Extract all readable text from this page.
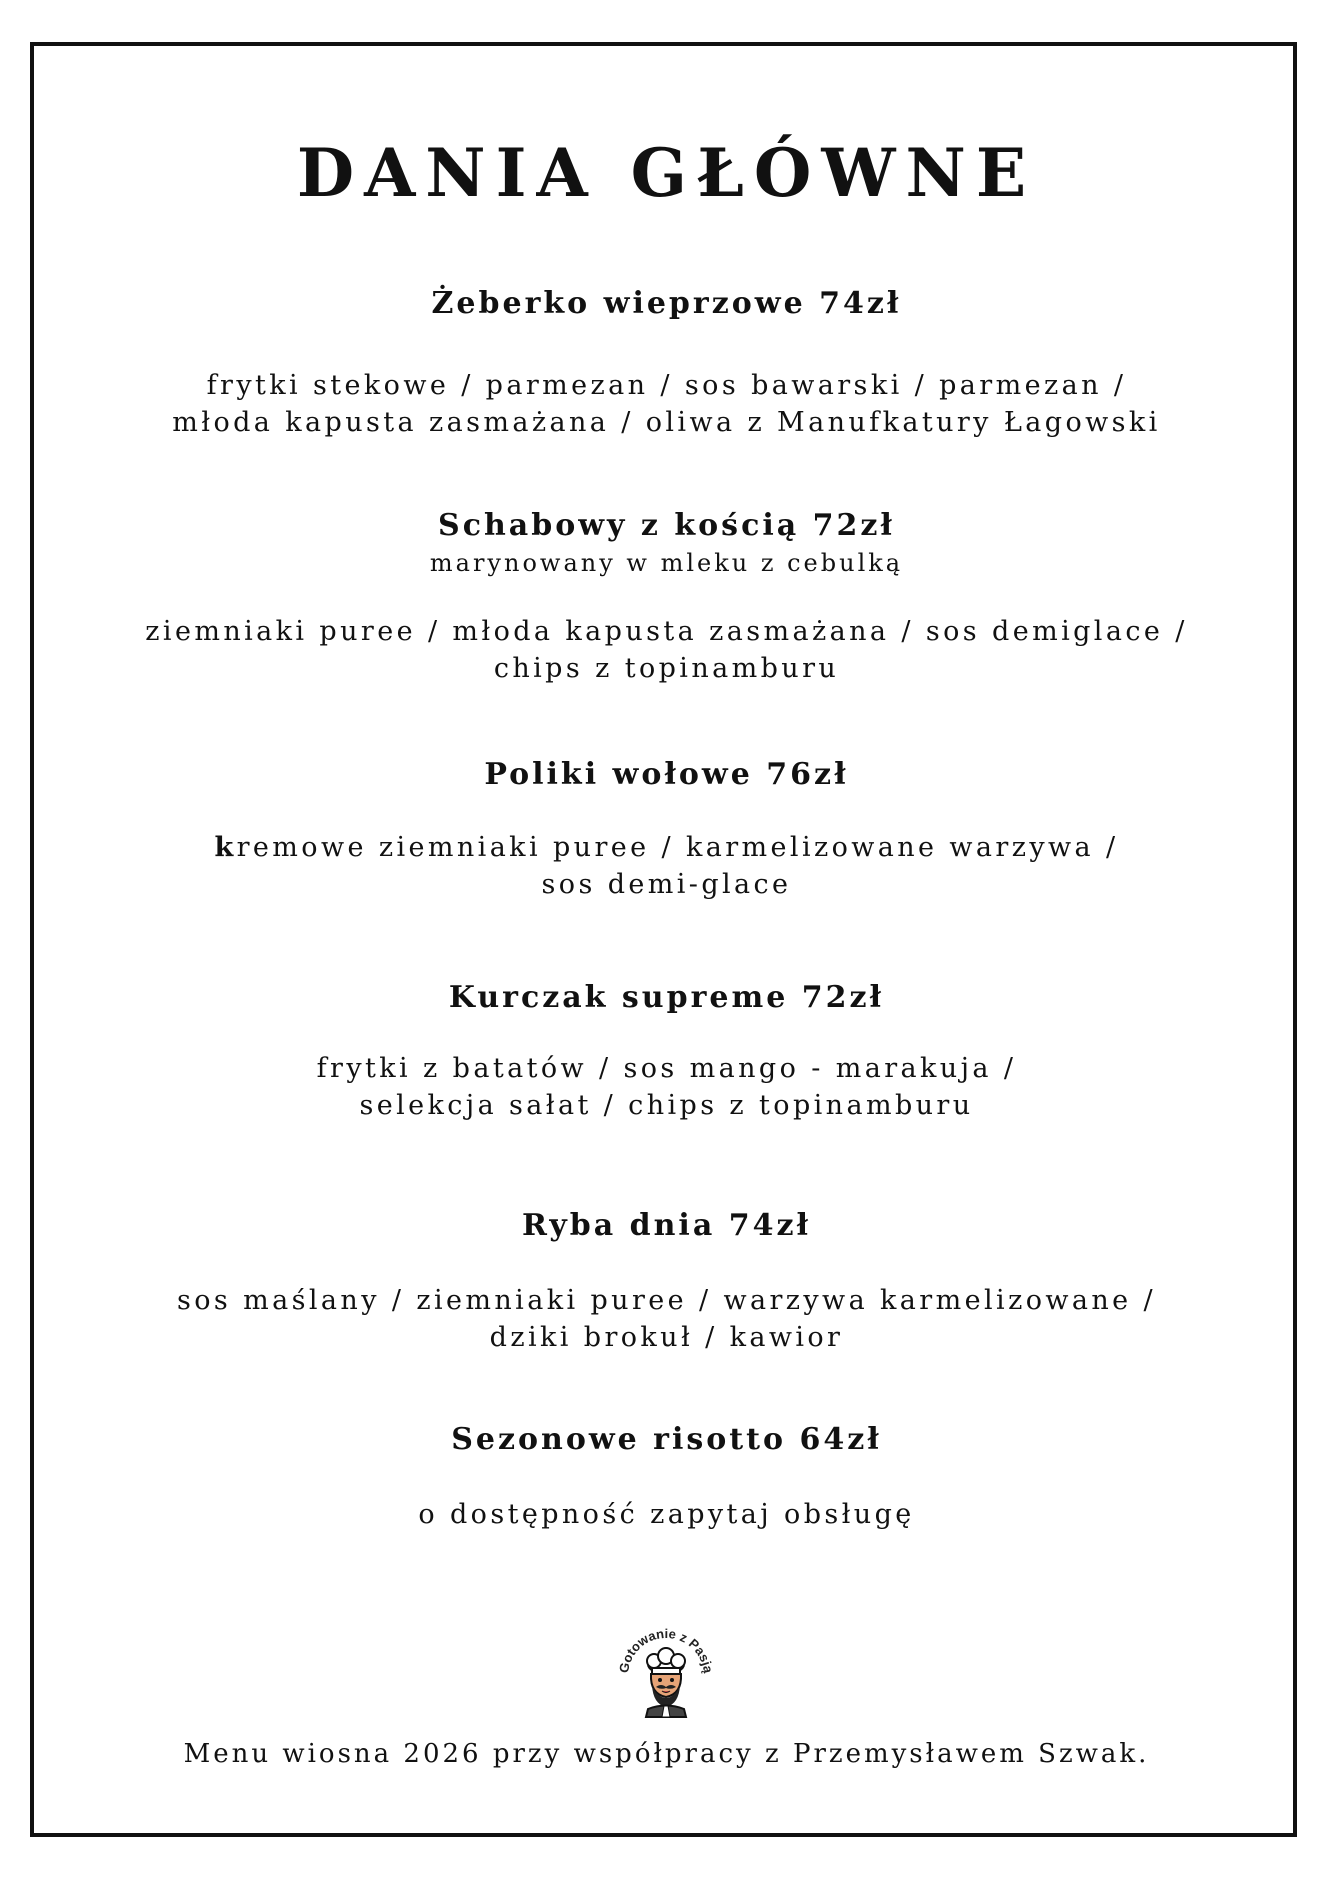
DANIA GŁÓWNE
Żeberko wieprzowe 74zł
frytki stekowe / parmezan / sos bawarski / parmezan /
młoda kapusta zasmażana / oliwa z Manufkatury Łagowski
Schabowy z kością 72zł
marynowany w mleku z cebulką
ziemniaki puree / młoda kapusta zasmażana / sos demiglace /
chips z topinamburu
Poliki wołowe 76zł
kremowe ziemniaki puree / karmelizowane warzywa /
sos demi-glace
Kurczak supreme 72zł
frytki z batatów / sos mango - marakuja /
selekcja sałat / chips z topinamburu
Ryba dnia 74zł
sos maślany / ziemniaki puree / warzywa karmelizowane /
dziki brokuł / kawior
Sezonowe risotto 64zł
o dostępność zapytaj obsługę
Gotowanie z Pasją

Menu wiosna 2026 przy współpracy z Przemysławem Szwak.
